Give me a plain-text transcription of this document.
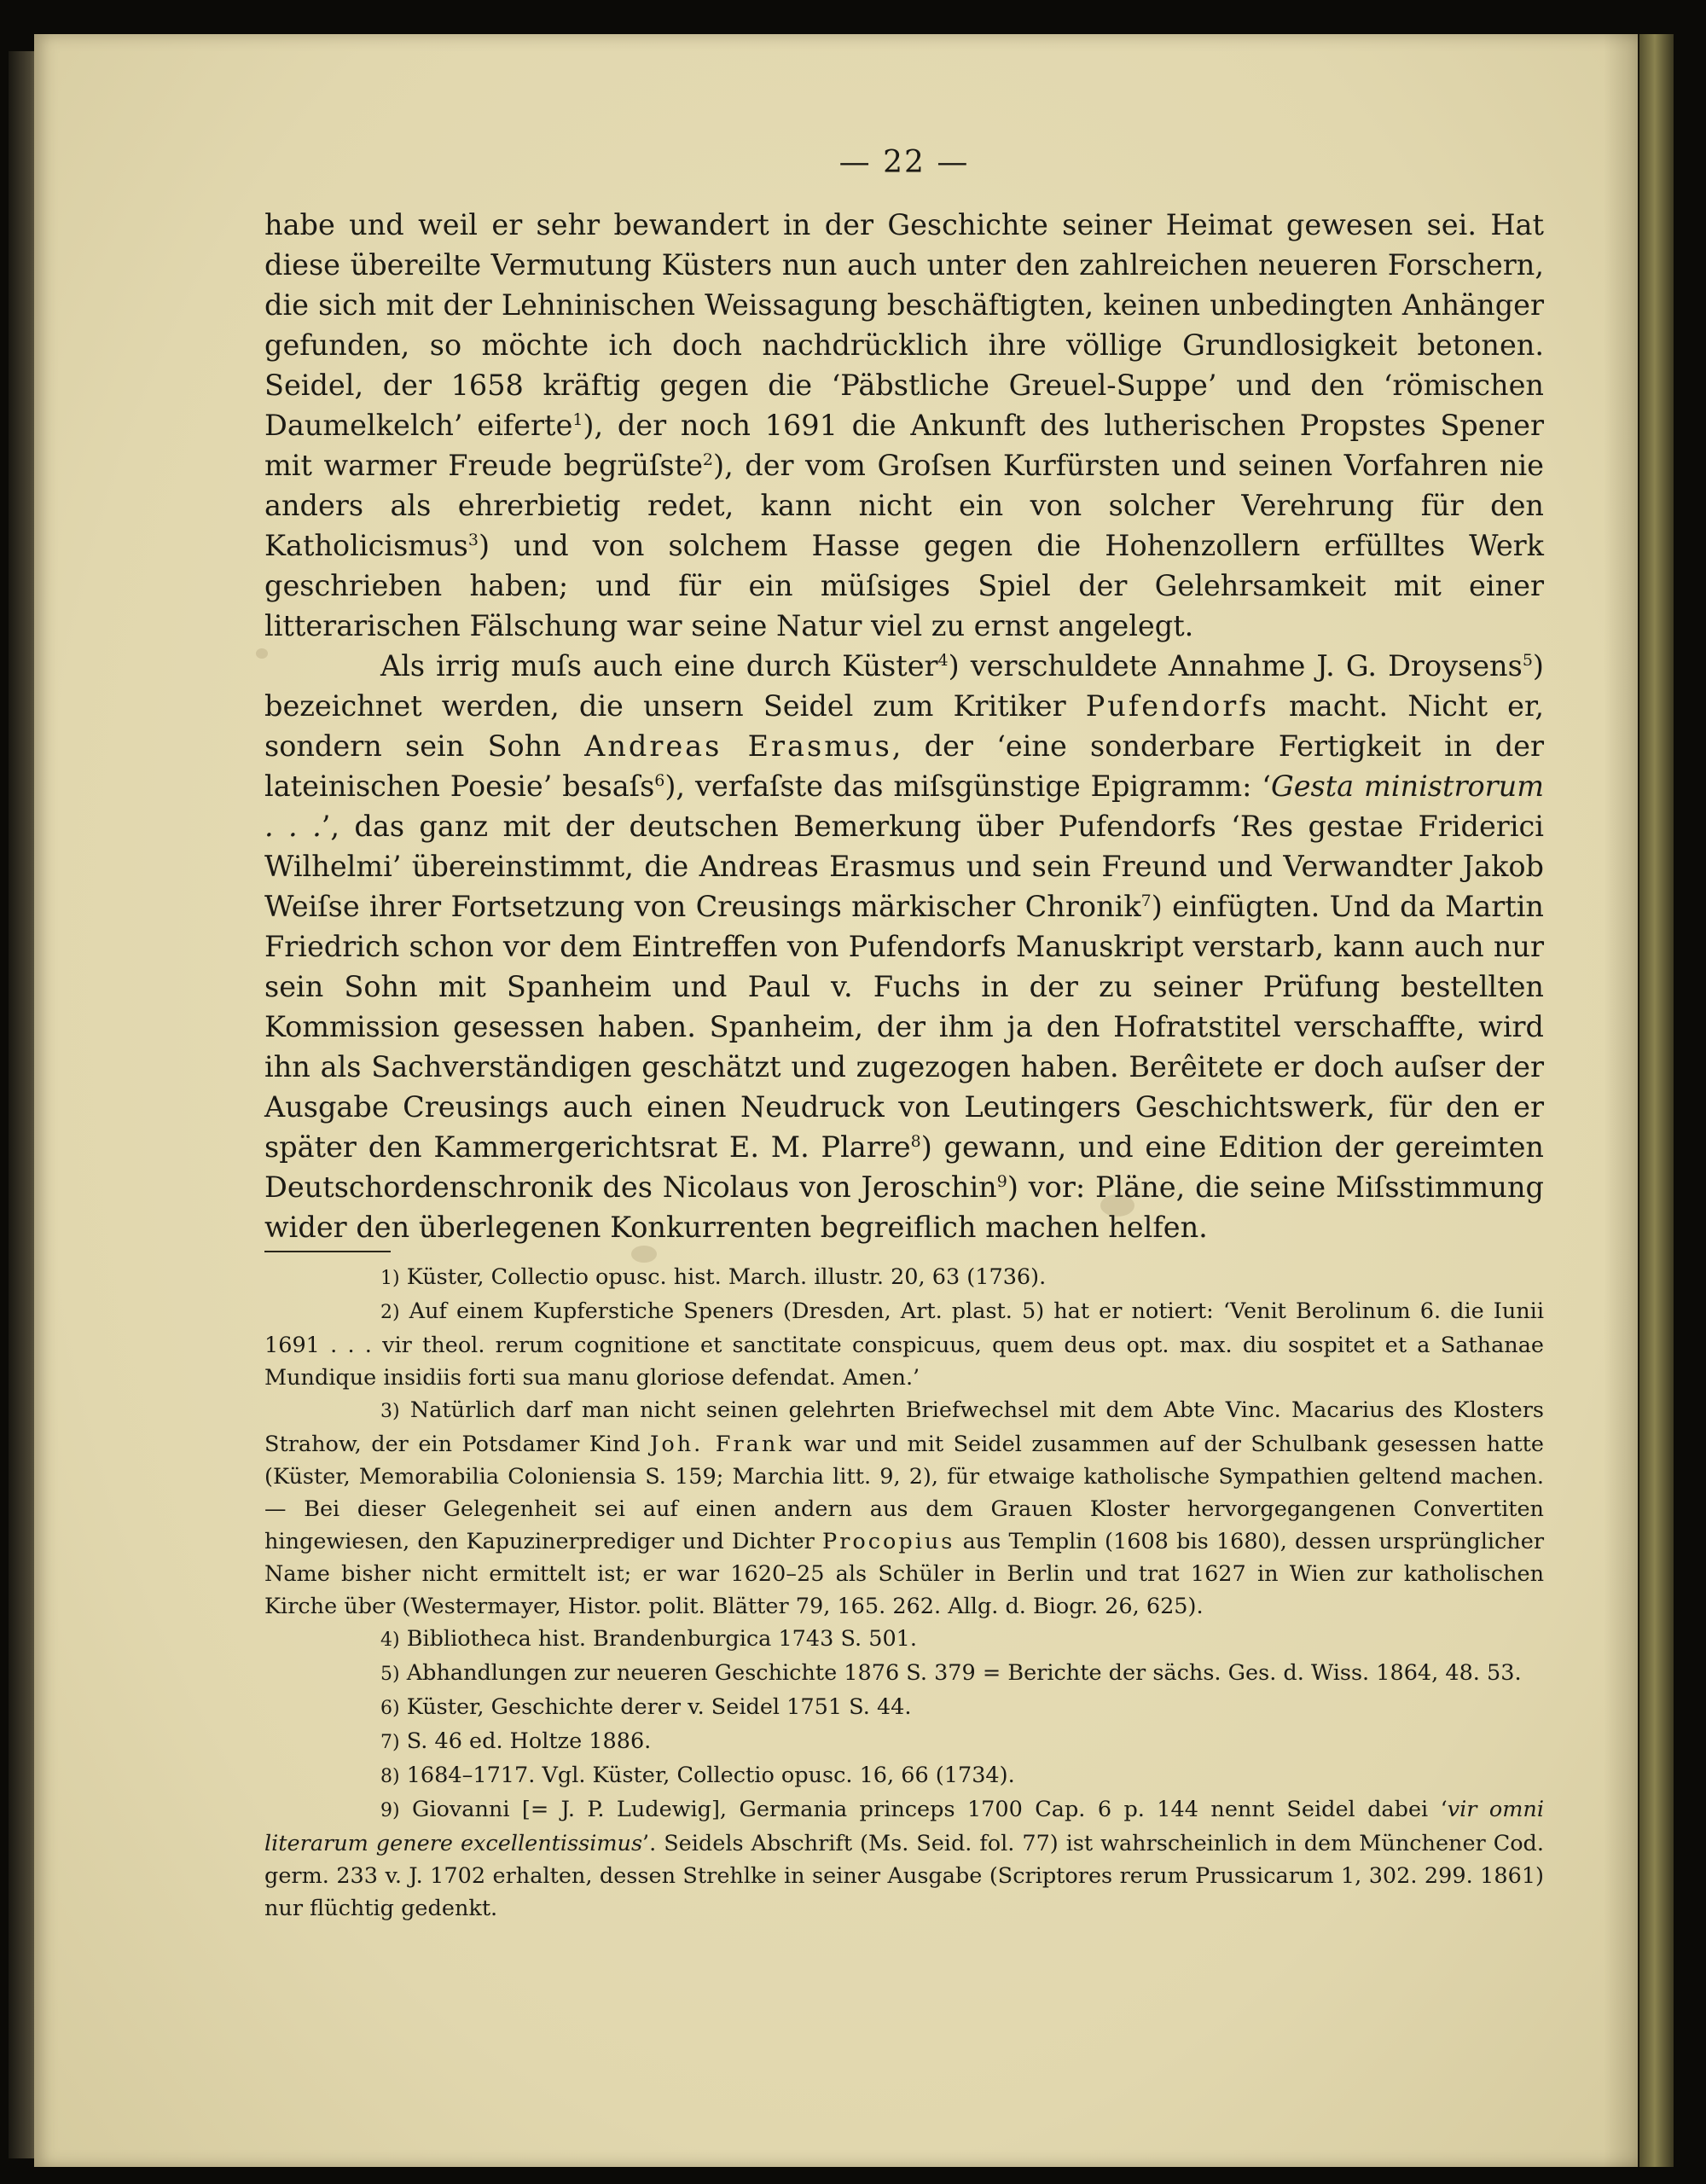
— 22 —

habe und weil er sehr bewandert in der Geschichte seiner Heimat gewesen sei. Hat diese übereilte Vermutung Küsters nun auch unter den zahlreichen neueren Forschern, die sich mit der Lehninischen Weissagung beschäftigten, keinen unbedingten Anhänger gefunden, so möchte ich doch nachdrücklich ihre völlige Grundlosigkeit betonen. Seidel, der 1658 kräftig gegen die ‘Päbstliche Greuel-Suppe’ und den ‘römischen Daumelkelch’ eiferte$^1$), der noch 1691 die Ankunft des lutherischen Propstes Spener mit warmer Freude begrüſste$^2$), der vom Groſsen Kurfürsten und seinen Vorfahren nie anders als ehrerbietig redet, kann nicht ein von solcher Verehrung für den Katholicismus$^3$) und von solchem Hasse gegen die Hohenzollern erfülltes Werk geschrieben haben; und für ein müſsiges Spiel der Gelehrsamkeit mit einer litterarischen Fälschung war seine Natur viel zu ernst angelegt.

Als irrig muſs auch eine durch Küster$^4$) verschuldete Annahme J. G. Droysens$^5$) bezeichnet werden, die unsern Seidel zum Kritiker Pufendorfs macht. Nicht er, sondern sein Sohn Andreas Erasmus, der ‘eine sonderbare Fertigkeit in der lateinischen Poesie’ besaſs$^6$), verfaſste das miſsgünstige Epigramm: ‘Gesta ministrorum . . .’, das ganz mit der deutschen Bemerkung über Pufendorfs ‘Res gestae Friderici Wilhelmi’ übereinstimmt, die Andreas Erasmus und sein Freund und Verwandter Jakob Weiſse ihrer Fortsetzung von Creusings märkischer Chronik$^7$) einfügten. Und da Martin Friedrich schon vor dem Eintreffen von Pufendorfs Manuskript verstarb, kann auch nur sein Sohn mit Spanheim und Paul v. Fuchs in der zu seiner Prüfung bestellten Kommission gesessen haben. Spanheim, der ihm ja den Hofratstitel verschaffte, wird ihn als Sachverständigen geschätzt und zugezogen haben. Berêitete er doch auſser der Ausgabe Creusings auch einen Neudruck von Leutingers Geschichtswerk, für den er später den Kammergerichtsrat E. M. Plarre$^8$) gewann, und eine Edition der gereimten Deutschordenschronik des Nicolaus von Jeroschin$^9$) vor: Pläne, die seine Miſsstimmung wider den überlegenen Konkurrenten begreiflich machen helfen.

1) Küster, Collectio opusc. hist. March. illustr. 20, 63 (1736).

2) Auf einem Kupferstiche Speners (Dresden, Art. plast. 5) hat er notiert: ‘Venit Berolinum 6. die Iunii 1691 . . . vir theol. rerum cognitione et sanctitate conspicuus, quem deus opt. max. diu sospitet et a Sathanae Mundique insidiis forti sua manu gloriose defendat. Amen.’

3) Natürlich darf man nicht seinen gelehrten Briefwechsel mit dem Abte Vinc. Macarius des Klosters Strahow, der ein Potsdamer Kind Joh. Frank war und mit Seidel zusammen auf der Schulbank gesessen hatte (Küster, Memorabilia Coloniensia S. 159; Marchia litt. 9, 2), für etwaige katholische Sympathien geltend machen. — Bei dieser Gelegenheit sei auf einen andern aus dem Grauen Kloster hervorgegangenen Convertiten hingewiesen, den Kapuzinerprediger und Dichter Procopius aus Templin (1608 bis 1680), dessen ursprünglicher Name bisher nicht ermittelt ist; er war 1620–25 als Schüler in Berlin und trat 1627 in Wien zur katholischen Kirche über (Westermayer, Histor. polit. Blätter 79, 165. 262. Allg. d. Biogr. 26, 625).

4) Bibliotheca hist. Brandenburgica 1743 S. 501.

5) Abhandlungen zur neueren Geschichte 1876 S. 379 = Berichte der sächs. Ges. d. Wiss. 1864, 48. 53.

6) Küster, Geschichte derer v. Seidel 1751 S. 44.

7) S. 46 ed. Holtze 1886.

8) 1684–1717. Vgl. Küster, Collectio opusc. 16, 66 (1734).

9) Giovanni [= J. P. Ludewig], Germania princeps 1700 Cap. 6 p. 144 nennt Seidel dabei ‘vir omni literarum genere excellentissimus’. Seidels Abschrift (Ms. Seid. fol. 77) ist wahrscheinlich in dem Münchener Cod. germ. 233 v. J. 1702 erhalten, dessen Strehlke in seiner Ausgabe (Scriptores rerum Prussicarum 1, 302. 299. 1861) nur flüchtig gedenkt.
